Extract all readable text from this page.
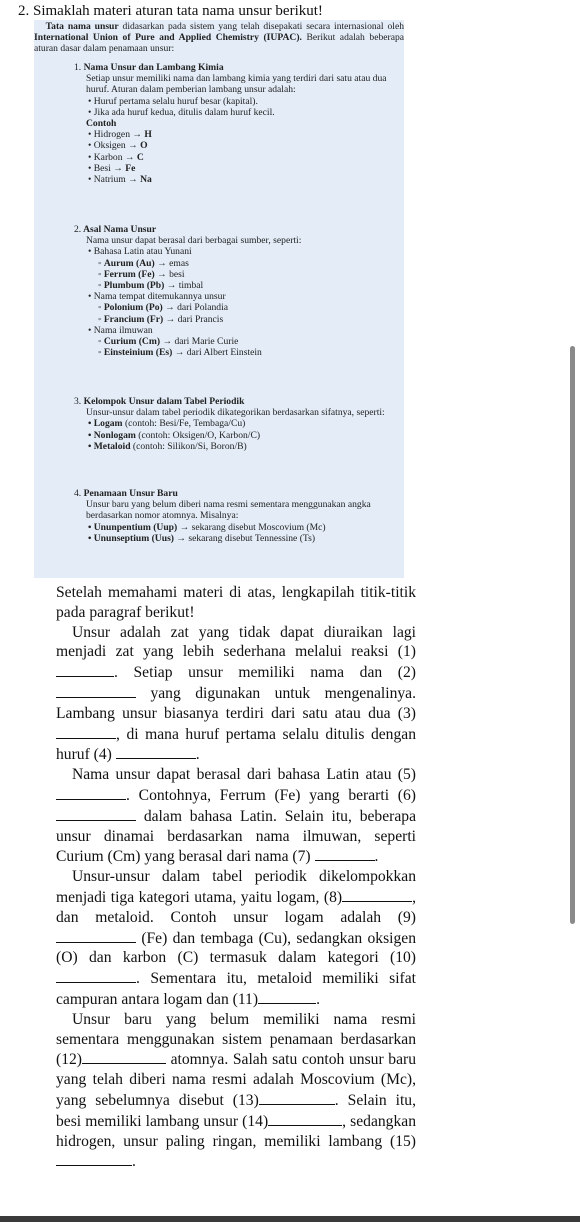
2. Simaklah materi aturan tata nama unsur berikut!

Tata nama unsur didasarkan pada sistem yang telah disepakati secara internasional oleh International Union of Pure and Applied Chemistry (IUPAC). Berikut adalah beberapa aturan dasar dalam penamaan unsur:

1. Nama Unsur dan Lambang Kimia

Setiap unsur memiliki nama dan lambang kimia yang terdiri dari satu atau dua huruf. Aturan dalam pemberian lambang unsur adalah:

• Huruf pertama selalu huruf besar (kapital).

• Jika ada huruf kedua, ditulis dalam huruf kecil.

Contoh

• Hidrogen → H

• Oksigen → O

• Karbon → C

• Besi → Fe

• Natrium → Na

2. Asal Nama Unsur

Nama unsur dapat berasal dari berbagai sumber, seperti:

• Bahasa Latin atau Yunani

◦ Aurum (Au) → emas

◦ Ferrum (Fe) → besi

◦ Plumbum (Pb) → timbal

• Nama tempat ditemukannya unsur

◦ Polonium (Po) → dari Polandia

◦ Francium (Fr) → dari Prancis

• Nama ilmuwan

◦ Curium (Cm) → dari Marie Curie

◦ Einsteinium (Es) → dari Albert Einstein

3. Kelompok Unsur dalam Tabel Periodik

Unsur-unsur dalam tabel periodik dikategorikan berdasarkan sifatnya, seperti:

• Logam (contoh: Besi/Fe, Tembaga/Cu)

• Nonlogam (contoh: Oksigen/O, Karbon/C)

• Metaloid (contoh: Silikon/Si, Boron/B)

4. Penamaan Unsur Baru

Unsur baru yang belum diberi nama resmi sementara menggunakan angka berdasarkan nomor atomnya. Misalnya:

• Ununpentium (Uup) → sekarang disebut Moscovium (Mc)

• Ununseptium (Uus) → sekarang disebut Tennessine (Ts)

Setelah memahami materi di atas, lengkapilah titik-titik pada paragraf berikut!

Unsur adalah zat yang tidak dapat diuraikan lagi menjadi zat yang lebih sederhana melalui reaksi (1). Setiap unsur memiliki nama dan (2)  yang digunakan untuk mengenalinya. Lambang unsur biasanya terdiri dari satu atau dua (3), di mana huruf pertama selalu ditulis dengan huruf (4)	.

Nama unsur dapat berasal dari bahasa Latin atau (5) . Contohnya, Ferrum (Fe) yang berarti (6) dalam bahasa Latin. Selain itu, beberapa unsur dinamai berdasarkan nama ilmuwan, seperti Curium (Cm) yang berasal dari nama (7)	.

Unsur-unsur dalam tabel periodik dikelompokkan menjadi tiga kategori utama, yaitu logam, (8)	, dan metaloid. Contoh unsur logam adalah (9) (Fe) dan tembaga (Cu), sedangkan oksigen (O) dan karbon (C) termasuk dalam kategori (10). Sementara itu, metaloid memiliki sifat campuran antara logam dan (11)	.

Unsur baru yang belum memiliki nama resmi sementara menggunakan sistem penamaan berdasarkan (12)	atomnya. Salah satu contoh unsur baru yang telah diberi nama resmi adalah Moscovium (Mc), yang sebelumnya disebut (13)	. Selain itu, besi memiliki lambang unsur (14)	, sedangkan hidrogen, unsur paling ringan, memiliki lambang (15).
